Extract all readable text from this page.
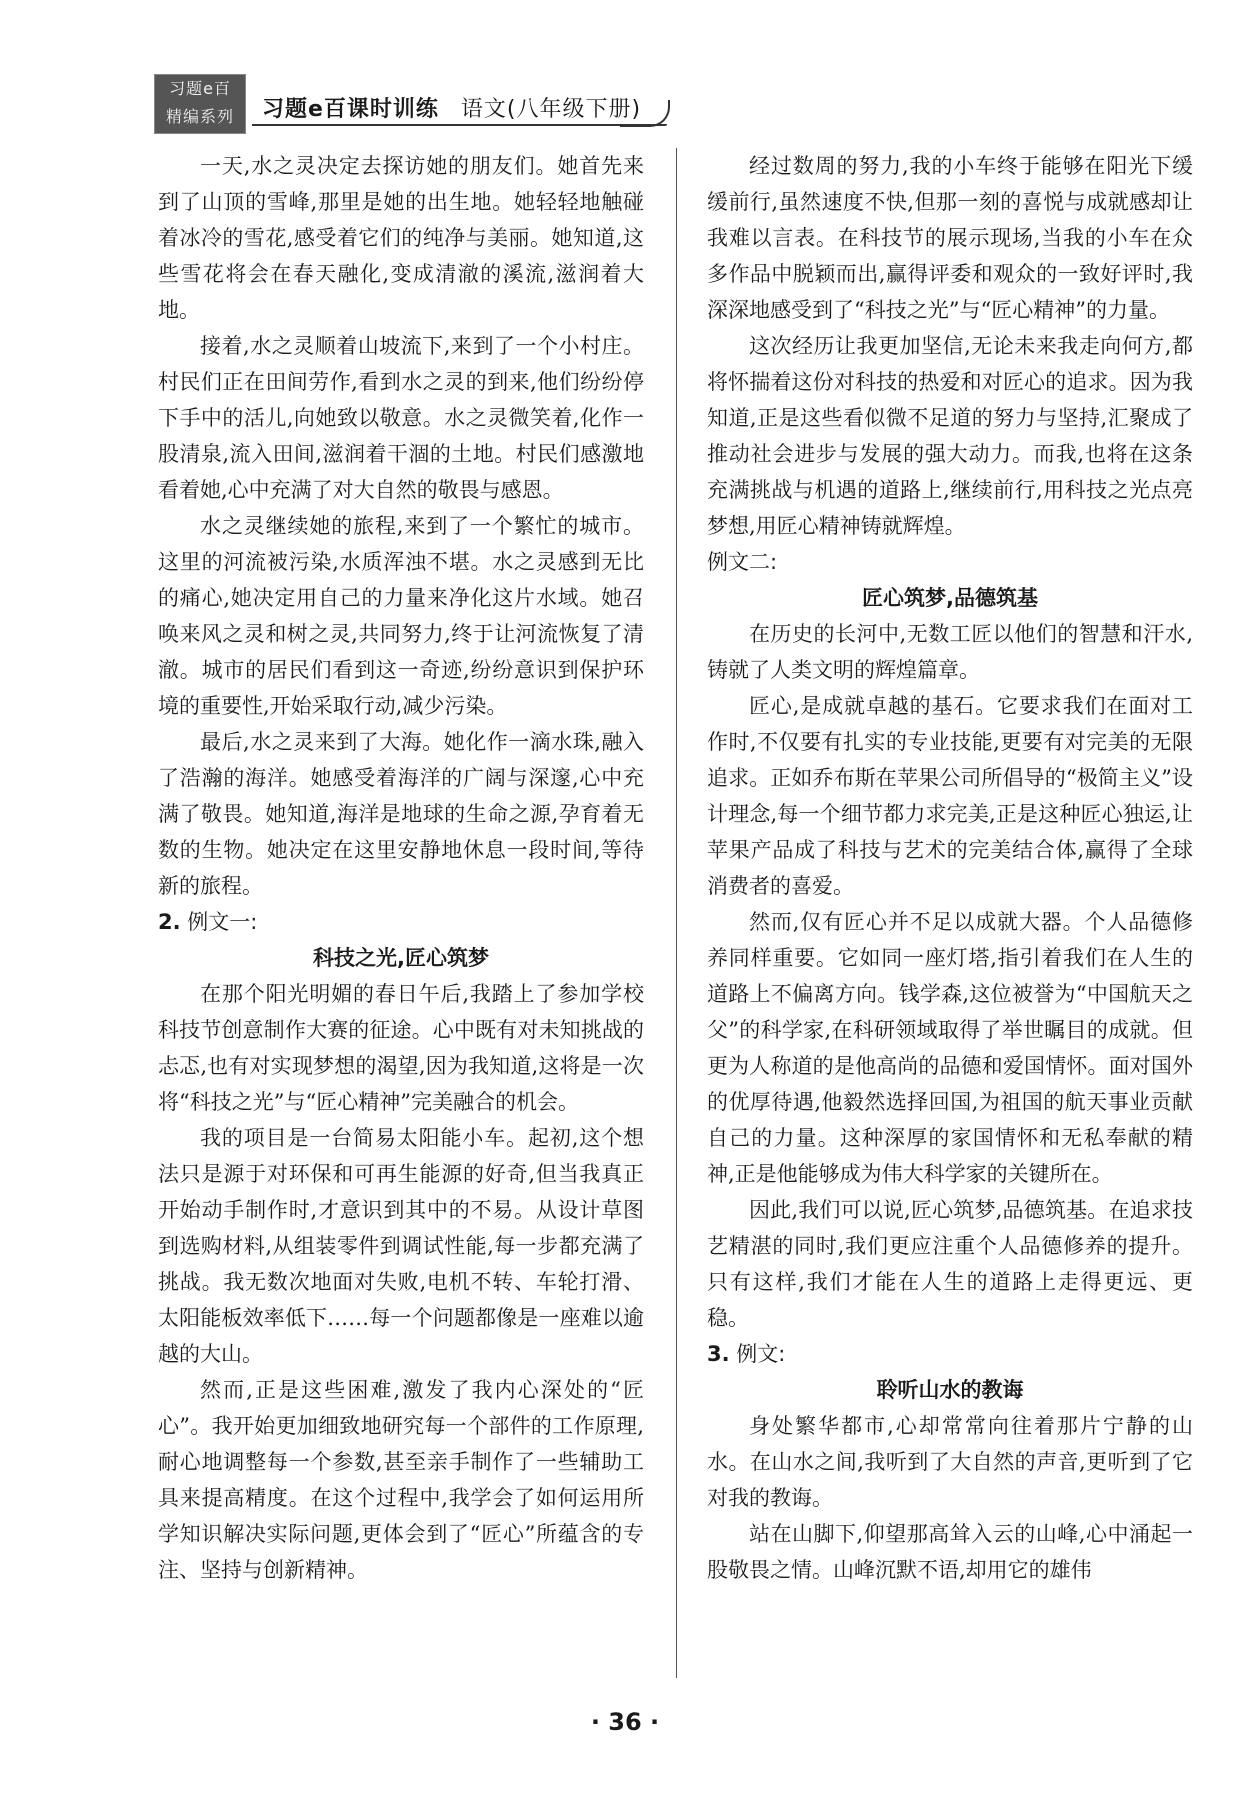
习题e百
精编系列	习题e百课时训练 语文(八年级下册)

一天,水之灵决定去探访她的朋友们。她首先来到了山顶的雪峰,那里是她的出生地。她轻轻地触碰着冰冷的雪花,感受着它们的纯净与美丽。她知道,这些雪花将会在春天融化,变成清澈的溪流,滋润着大地。

接着,水之灵顺着山坡流下,来到了一个小村庄。村民们正在田间劳作,看到水之灵的到来,他们纷纷停下手中的活儿,向她致以敬意。水之灵微笑着,化作一股清泉,流入田间,滋润着干涸的土地。村民们感激地看着她,心中充满了对大自然的敬畏与感恩。

水之灵继续她的旅程,来到了一个繁忙的城市。这里的河流被污染,水质浑浊不堪。水之灵感到无比的痛心,她决定用自己的力量来净化这片水域。她召唤来风之灵和树之灵,共同努力,终于让河流恢复了清澈。城市的居民们看到这一奇迹,纷纷意识到保护环境的重要性,开始采取行动,减少污染。

最后,水之灵来到了大海。她化作一滴水珠,融入了浩瀚的海洋。她感受着海洋的广阔与深邃,心中充满了敬畏。她知道,海洋是地球的生命之源,孕育着无数的生物。她决定在这里安静地休息一段时间,等待新的旅程。

2. 例文一:

科技之光,匠心筑梦

在那个阳光明媚的春日午后,我踏上了参加学校科技节创意制作大赛的征途。心中既有对未知挑战的忐忑,也有对实现梦想的渴望,因为我知道,这将是一次将“科技之光”与“匠心精神”完美融合的机会。

我的项目是一台简易太阳能小车。起初,这个想法只是源于对环保和可再生能源的好奇,但当我真正开始动手制作时,才意识到其中的不易。从设计草图到选购材料,从组装零件到调试性能,每一步都充满了挑战。我无数次地面对失败,电机不转、车轮打滑、太阳能板效率低下……每一个问题都像是一座难以逾越的大山。

然而,正是这些困难,激发了我内心深处的“匠心”。我开始更加细致地研究每一个部件的工作原理,耐心地调整每一个参数,甚至亲手制作了一些辅助工具来提高精度。在这个过程中,我学会了如何运用所学知识解决实际问题,更体会到了“匠心”所蕴含的专注、坚持与创新精神。

经过数周的努力,我的小车终于能够在阳光下缓缓前行,虽然速度不快,但那一刻的喜悦与成就感却让我难以言表。在科技节的展示现场,当我的小车在众多作品中脱颖而出,赢得评委和观众的一致好评时,我深深地感受到了“科技之光”与“匠心精神”的力量。

这次经历让我更加坚信,无论未来我走向何方,都将怀揣着这份对科技的热爱和对匠心的追求。因为我知道,正是这些看似微不足道的努力与坚持,汇聚成了推动社会进步与发展的强大动力。而我,也将在这条充满挑战与机遇的道路上,继续前行,用科技之光点亮梦想,用匠心精神铸就辉煌。

例文二:

匠心筑梦,品德筑基

在历史的长河中,无数工匠以他们的智慧和汗水,铸就了人类文明的辉煌篇章。

匠心,是成就卓越的基石。它要求我们在面对工作时,不仅要有扎实的专业技能,更要有对完美的无限追求。正如乔布斯在苹果公司所倡导的“极简主义”设计理念,每一个细节都力求完美,正是这种匠心独运,让苹果产品成了科技与艺术的完美结合体,赢得了全球消费者的喜爱。

然而,仅有匠心并不足以成就大器。个人品德修养同样重要。它如同一座灯塔,指引着我们在人生的道路上不偏离方向。钱学森,这位被誉为“中国航天之父”的科学家,在科研领域取得了举世瞩目的成就。但更为人称道的是他高尚的品德和爱国情怀。面对国外的优厚待遇,他毅然选择回国,为祖国的航天事业贡献自己的力量。这种深厚的家国情怀和无私奉献的精神,正是他能够成为伟大科学家的关键所在。

因此,我们可以说,匠心筑梦,品德筑基。在追求技艺精湛的同时,我们更应注重个人品德修养的提升。只有这样,我们才能在人生的道路上走得更远、更稳。

3. 例文:

聆听山水的教诲

身处繁华都市,心却常常向往着那片宁静的山水。在山水之间,我听到了大自然的声音,更听到了它对我的教诲。

站在山脚下,仰望那高耸入云的山峰,心中涌起一股敬畏之情。山峰沉默不语,却用它的雄伟

· 36 ·
